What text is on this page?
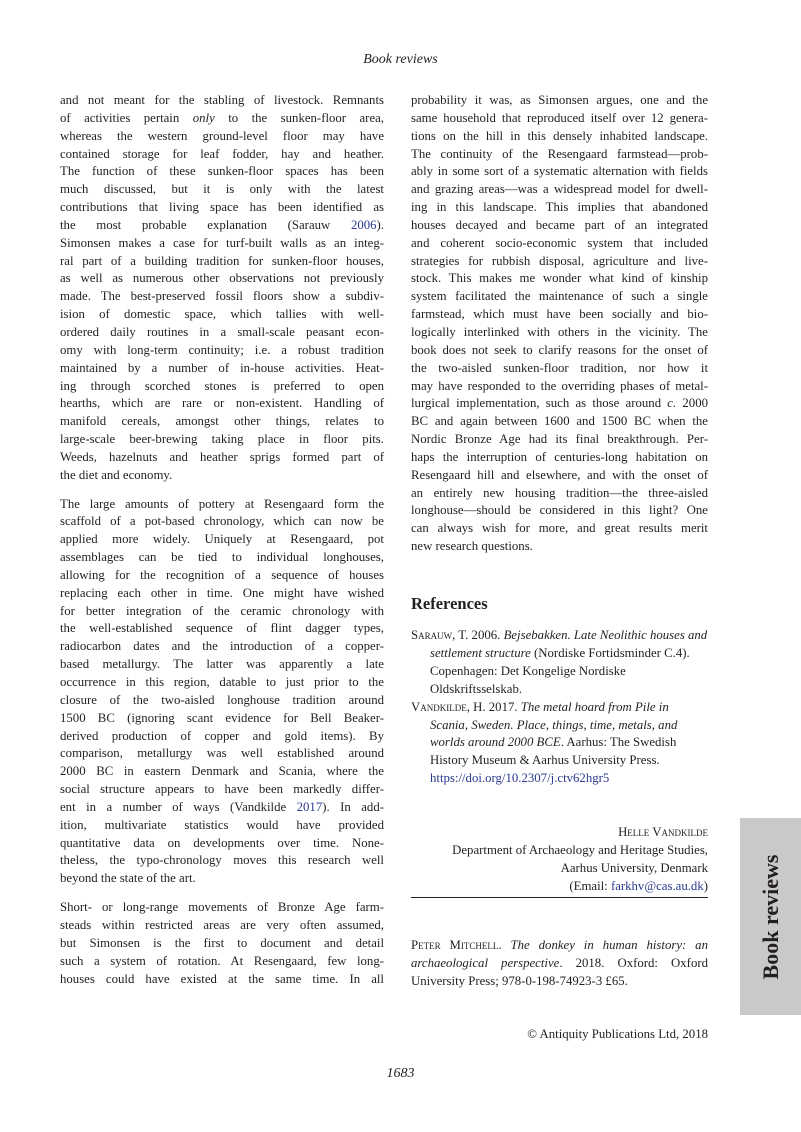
Book reviews
and not meant for the stabling of livestock. Remnants
of activities pertain only to the sunken-floor area,
whereas the western ground-level floor may have
contained storage for leaf fodder, hay and heather.
The function of these sunken-floor spaces has been
much discussed, but it is only with the latest
contributions that living space has been identified as
the most probable explanation (Sarauw 2006).
Simonsen makes a case for turf-built walls as an integ-
ral part of a building tradition for sunken-floor houses,
as well as numerous other observations not previously
made. The best-preserved fossil floors show a subdiv-
ision of domestic space, which tallies with well-
ordered daily routines in a small-scale peasant econ-
omy with long-term continuity; i.e. a robust tradition
maintained by a number of in-house activities. Heat-
ing through scorched stones is preferred to open
hearths, which are rare or non-existent. Handling of
manifold cereals, amongst other things, relates to
large-scale beer-brewing taking place in floor pits.
Weeds, hazelnuts and heather sprigs formed part of
the diet and economy.
The large amounts of pottery at Resengaard form the
scaffold of a pot-based chronology, which can now be
applied more widely. Uniquely at Resengaard, pot
assemblages can be tied to individual longhouses,
allowing for the recognition of a sequence of houses
replacing each other in time. One might have wished
for better integration of the ceramic chronology with
the well-established sequence of flint dagger types,
radiocarbon dates and the introduction of a copper-
based metallurgy. The latter was apparently a late
occurrence in this region, datable to just prior to the
closure of the two-aisled longhouse tradition around
1500 BC (ignoring scant evidence for Bell Beaker-
derived production of copper and gold items). By
comparison, metallurgy was well established around
2000 BC in eastern Denmark and Scania, where the
social structure appears to have been markedly differ-
ent in a number of ways (Vandkilde 2017). In add-
ition, multivariate statistics would have provided
quantitative data on developments over time. None-
theless, the typo-chronology moves this research well
beyond the state of the art.
Short- or long-range movements of Bronze Age farm-
steads within restricted areas are very often assumed,
but Simonsen is the first to document and detail
such a system of rotation. At Resengaard, few long-
houses could have existed at the same time. In all
probability it was, as Simonsen argues, one and the
same household that reproduced itself over 12 genera-
tions on the hill in this densely inhabited landscape.
The continuity of the Resengaard farmstead—prob-
ably in some sort of a systematic alternation with fields
and grazing areas—was a widespread model for dwell-
ing in this landscape. This implies that abandoned
houses decayed and became part of an integrated
and coherent socio-economic system that included
strategies for rubbish disposal, agriculture and live-
stock. This makes me wonder what kind of kinship
system facilitated the maintenance of such a single
farmstead, which must have been socially and bio-
logically interlinked with others in the vicinity. The
book does not seek to clarify reasons for the onset of
the two-aisled sunken-floor tradition, nor how it
may have responded to the overriding phases of metal-
lurgical implementation, such as those around c. 2000
BC and again between 1600 and 1500 BC when the
Nordic Bronze Age had its final breakthrough. Per-
haps the interruption of centuries-long habitation on
Resengaard hill and elsewhere, and with the onset of
an entirely new housing tradition—the three-aisled
longhouse—should be considered in this light? One
can always wish for more, and great results merit
new research questions.
References
Sarauw, T. 2006. Bejsebakken. Late Neolithic houses and settlement structure (Nordiske Fortidsminder C.4). Copenhagen: Det Kongelige Nordiske Oldskriftsselskab.
Vandkilde, H. 2017. The metal hoard from Pile in Scania, Sweden. Place, things, time, metals, and worlds around 2000 BCE. Aarhus: The Swedish History Museum & Aarhus University Press. https://doi.org/10.2307/j.ctv62hgr5
Helle Vandkilde
Department of Archaeology and Heritage Studies,
Aarhus University, Denmark
(Email: farkhv@cas.au.dk)
Peter Mitchell. The donkey in human history: an archaeological perspective. 2018. Oxford: Oxford University Press; 978-0-198-74923-3 £65.
© Antiquity Publications Ltd, 2018
1683
Book reviews
